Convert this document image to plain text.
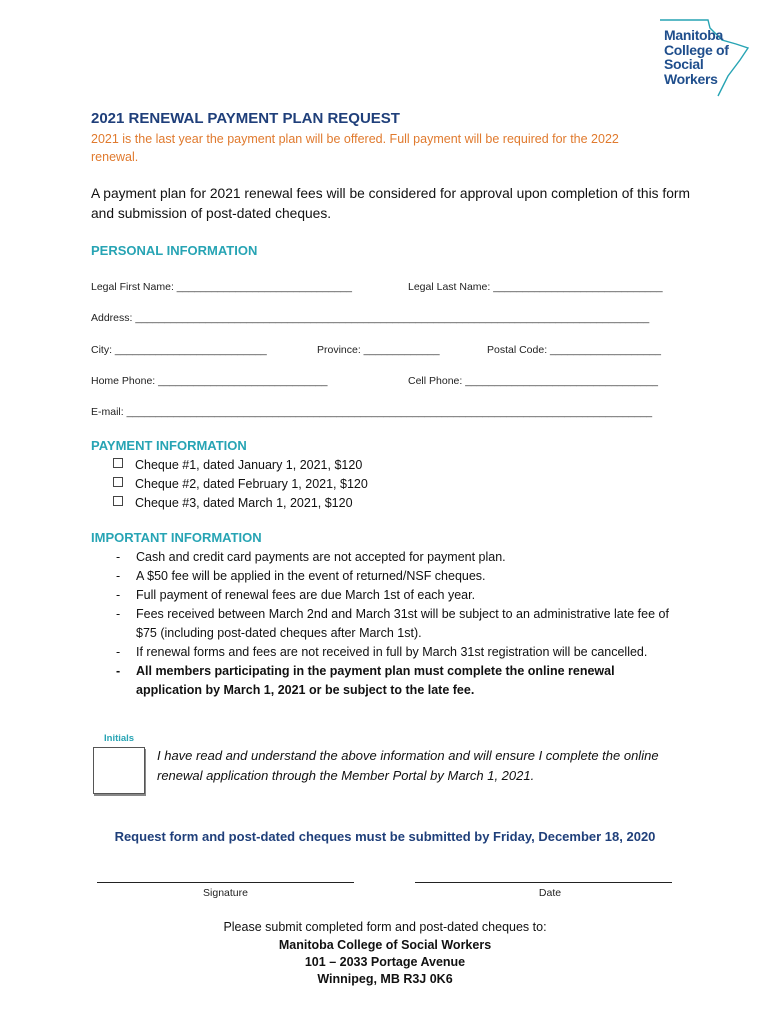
Manitoba
College of
Social
Workers
2021 RENEWAL PAYMENT PLAN REQUEST
2021 is the last year the payment plan will be offered. Full payment will be required for the 2022 renewal.
A payment plan for 2021 renewal fees will be considered for approval upon completion of this form and submission of post-dated cheques.
PERSONAL INFORMATION
Legal First Name: ______________________________	Legal Last Name: _____________________________
Address: ________________________________________________________________________________________
City: __________________________	Province: _____________	Postal Code: ___________________
Home Phone: _____________________________	Cell Phone: _________________________________
E-mail: __________________________________________________________________________________________
PAYMENT INFORMATION
Cheque #1, dated January 1, 2021, $120
Cheque #2, dated February 1, 2021, $120
Cheque #3, dated March 1, 2021, $120
IMPORTANT INFORMATION
- Cash and credit card payments are not accepted for payment plan.
- A $50 fee will be applied in the event of returned/NSF cheques.
- Full payment of renewal fees are due March 1st of each year.
- Fees received between March 2nd and March 31st will be subject to an administrative late fee of $75 (including post-dated cheques after March 1st).
- If renewal forms and fees are not received in full by March 31st registration will be cancelled.
- All members participating in the payment plan must complete the online renewal application by March 1, 2021 or be subject to the late fee.
Initials
I have read and understand the above information and will ensure I complete the online renewal application through the Member Portal by March 1, 2021.
Request form and post-dated cheques must be submitted by Friday, December 18, 2020
Signature	Date
Please submit completed form and post-dated cheques to:
Manitoba College of Social Workers
101 – 2033 Portage Avenue
Winnipeg, MB R3J 0K6
